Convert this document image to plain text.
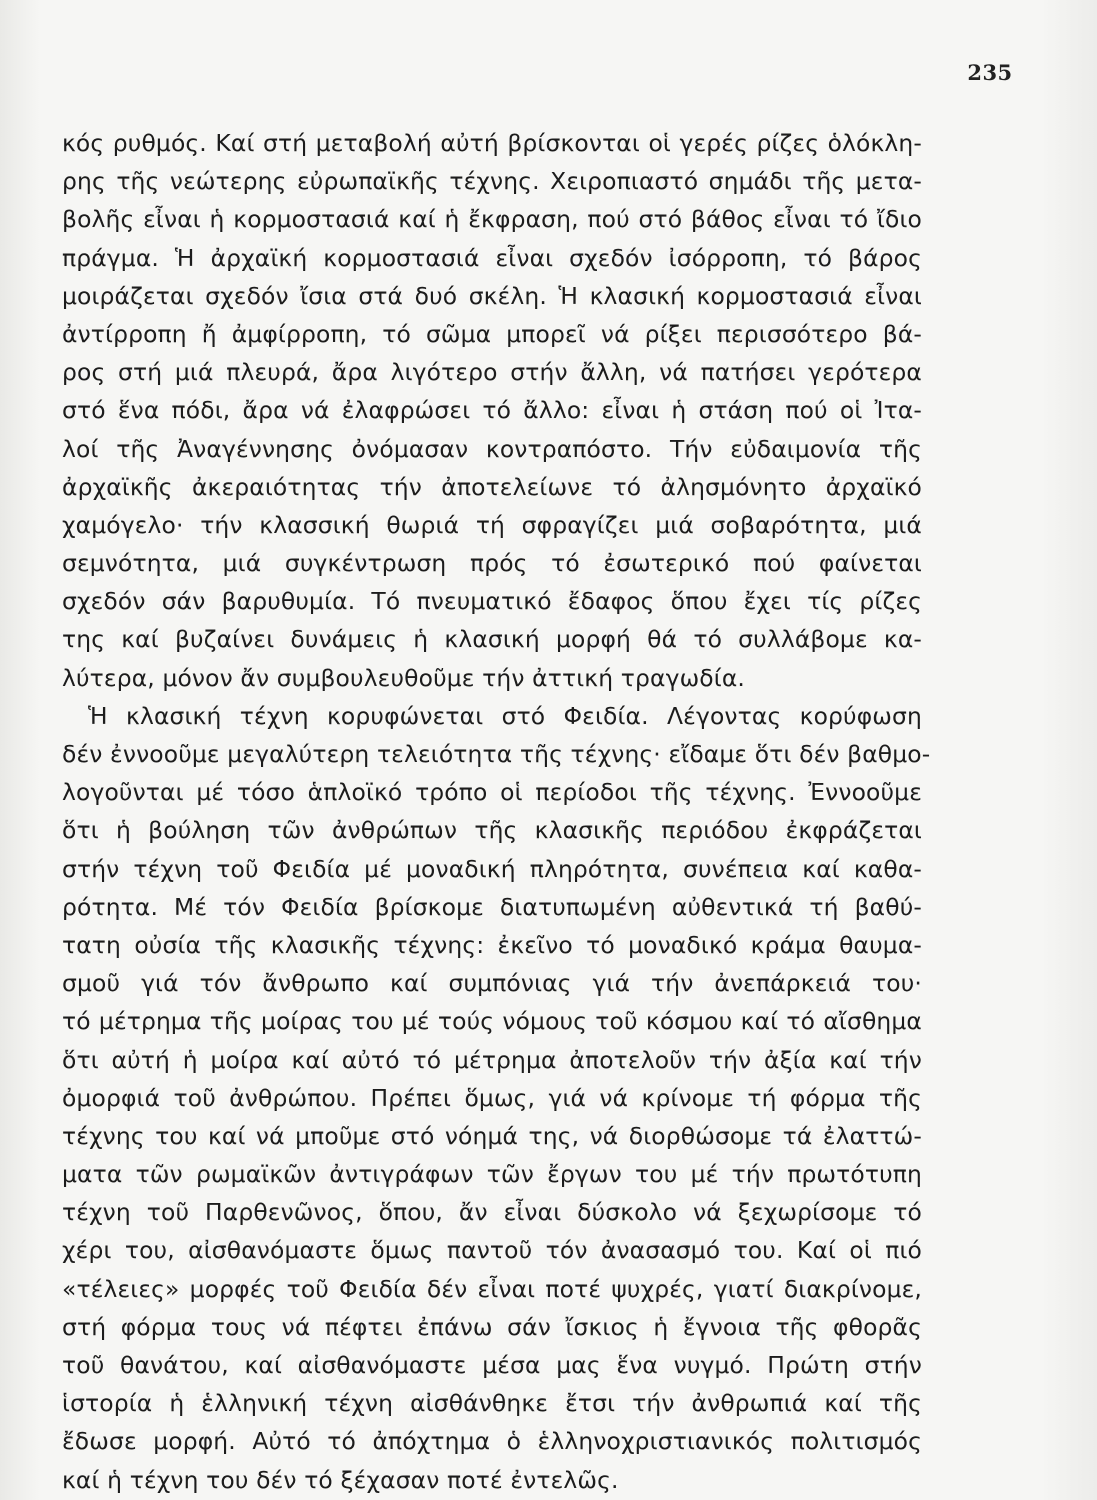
235
κός ρυθμός. Καί στή μεταβολή αὐτή βρίσκονται οἱ γερές ρίζες ὁλόκλη-
ρης τῆς νεώτερης εὐρωπαϊκῆς τέχνης. Χειροπιαστό σημάδι τῆς μετα-
βολῆς εἶναι ἡ κορμοστασιά καί ἡ ἔκφραση, πού στό βάθος εἶναι τό ἴδιο
πράγμα. Ἡ ἀρχαϊκή κορμοστασιά εἶναι σχεδόν ἰσόρροπη, τό βάρος
μοιράζεται σχεδόν ἴσια στά δυό σκέλη. Ἡ κλασική κορμοστασιά εἶναι
ἀντίρροπη ἤ ἀμφίρροπη, τό σῶμα μπορεῖ νά ρίξει περισσότερο βά-
ρος στή μιά πλευρά, ἄρα λιγότερο στήν ἄλλη, νά πατήσει γερότερα
στό ἕνα πόδι, ἄρα νά ἐλαφρώσει τό ἄλλο: εἶναι ἡ στάση πού οἱ Ἰτα-
λοί τῆς Ἀναγέννησης ὀνόμασαν κοντραπόστο. Τήν εὐδαιμονία τῆς
ἀρχαϊκῆς ἀκεραιότητας τήν ἀποτελείωνε τό ἀλησμόνητο ἀρχαϊκό
χαμόγελο· τήν κλασσική θωριά τή σφραγίζει μιά σοβαρότητα, μιά
σεμνότητα, μιά συγκέντρωση πρός τό ἐσωτερικό πού φαίνεται
σχεδόν σάν βαρυθυμία. Τό πνευματικό ἔδαφος ὅπου ἔχει τίς ρίζες
της καί βυζαίνει δυνάμεις ἡ κλασική μορφή θά τό συλλάβομε κα-
λύτερα, μόνον ἄν συμβουλευθοῦμε τήν ἀττική τραγωδία.
Ἡ κλασική τέχνη κορυφώνεται στό Φειδία. Λέγοντας κορύφωση
δέν ἐννοοῦμε μεγαλύτερη τελειότητα τῆς τέχνης· εἴδαμε ὅτι δέν βαθμο-
λογοῦνται μέ τόσο ἁπλοϊκό τρόπο οἱ περίοδοι τῆς τέχνης. Ἐννοοῦμε
ὅτι ἡ βούληση τῶν ἀνθρώπων τῆς κλασικῆς περιόδου ἐκφράζεται
στήν τέχνη τοῦ Φειδία μέ μοναδική πληρότητα, συνέπεια καί καθα-
ρότητα. Μέ τόν Φειδία βρίσκομε διατυπωμένη αὐθεντικά τή βαθύ-
τατη οὐσία τῆς κλασικῆς τέχνης: ἐκεῖνο τό μοναδικό κράμα θαυμα-
σμοῦ γιά τόν ἄνθρωπο καί συμπόνιας γιά τήν ἀνεπάρκειά του·
τό μέτρημα τῆς μοίρας του μέ τούς νόμους τοῦ κόσμου καί τό αἴσθημα
ὅτι αὐτή ἡ μοίρα καί αὐτό τό μέτρημα ἀποτελοῦν τήν ἀξία καί τήν
ὀμορφιά τοῦ ἀνθρώπου. Πρέπει ὅμως, γιά νά κρίνομε τή φόρμα τῆς
τέχνης του καί νά μποῦμε στό νόημά της, νά διορθώσομε τά ἐλαττώ-
ματα τῶν ρωμαϊκῶν ἀντιγράφων τῶν ἔργων του μέ τήν πρωτότυπη
τέχνη τοῦ Παρθενῶνος, ὅπου, ἄν εἶναι δύσκολο νά ξεχωρίσομε τό
χέρι του, αἰσθανόμαστε ὅμως παντοῦ τόν ἀνασασμό του. Καί οἱ πιό
«τέλειες» μορφές τοῦ Φειδία δέν εἶναι ποτέ ψυχρές, γιατί διακρίνομε,
στή φόρμα τους νά πέφτει ἐπάνω σάν ἴσκιος ἡ ἔγνοια τῆς φθορᾶς
τοῦ θανάτου, καί αἰσθανόμαστε μέσα μας ἕνα νυγμό. Πρώτη στήν
ἱστορία ἡ ἑλληνική τέχνη αἰσθάνθηκε ἔτσι τήν ἀνθρωπιά καί τῆς
ἔδωσε μορφή. Αὐτό τό ἀπόχτημα ὁ ἑλληνοχριστιανικός πολιτισμός
καί ἡ τέχνη του δέν τό ξέχασαν ποτέ ἐντελῶς.
